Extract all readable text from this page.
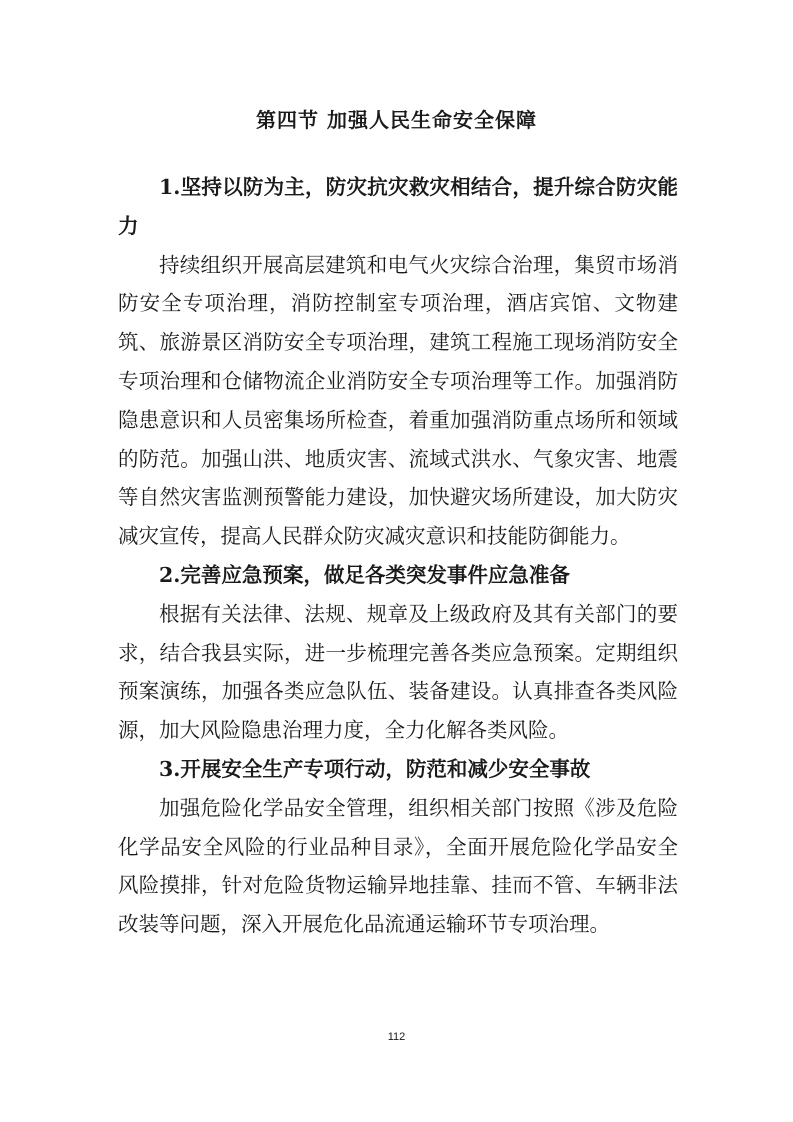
第四节 加强人民生命安全保障

1.坚持以防为主，防灾抗灾救灾相结合，提升综合防灾能力

持续组织开展高层建筑和电气火灾综合治理，集贸市场消防安全专项治理，消防控制室专项治理，酒店宾馆、文物建筑、旅游景区消防安全专项治理，建筑工程施工现场消防安全专项治理和仓储物流企业消防安全专项治理等工作。加强消防隐患意识和人员密集场所检查，着重加强消防重点场所和领域的防范。加强山洪、地质灾害、流域式洪水、气象灾害、地震等自然灾害监测预警能力建设，加快避灾场所建设，加大防灾减灾宣传，提高人民群众防灾减灾意识和技能防御能力。

2.完善应急预案，做足各类突发事件应急准备

根据有关法律、法规、规章及上级政府及其有关部门的要求，结合我县实际，进一步梳理完善各类应急预案。定期组织预案演练，加强各类应急队伍、装备建设。认真排查各类风险源，加大风险隐患治理力度，全力化解各类风险。

3.开展安全生产专项行动，防范和减少安全事故

加强危险化学品安全管理，组织相关部门按照《涉及危险化学品安全风险的行业品种目录》，全面开展危险化学品安全风险摸排，针对危险货物运输异地挂靠、挂而不管、车辆非法改装等问题，深入开展危化品流通运输环节专项治理。

112
